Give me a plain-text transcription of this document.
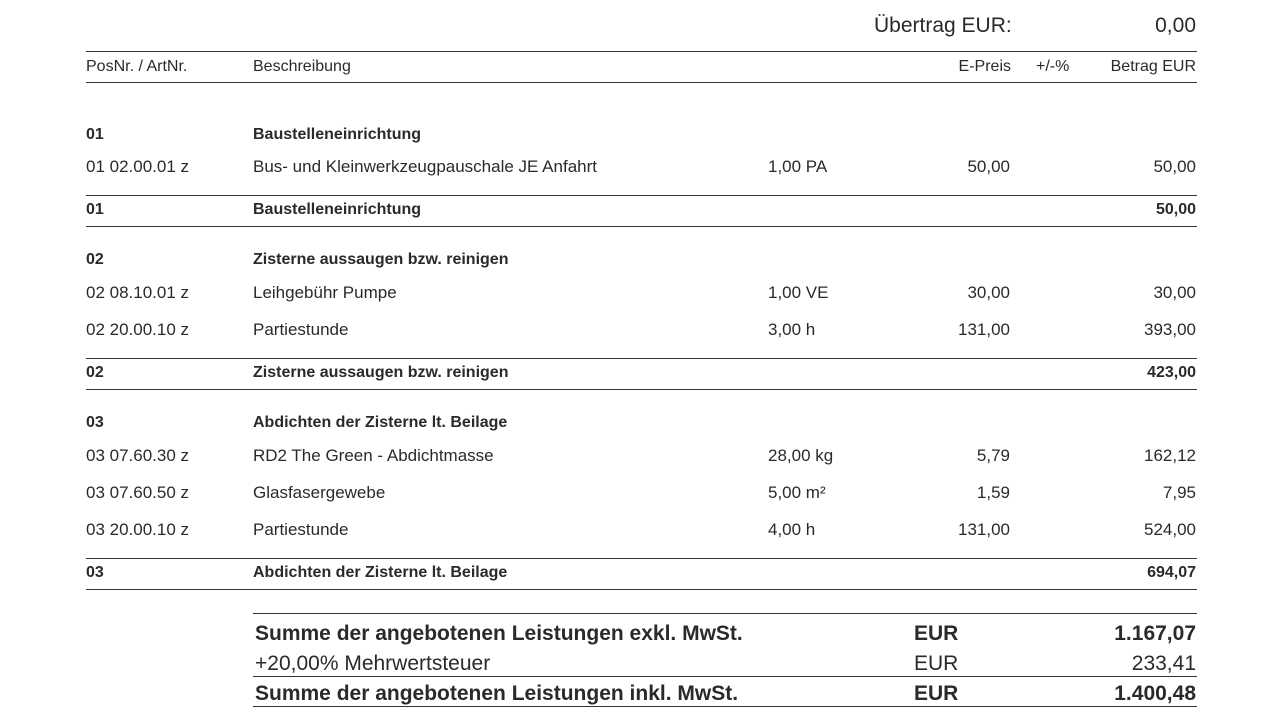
Übertrag EUR:	0,00
PosNr. / ArtNr.	Beschreibung	E-Preis +/-%	Betrag EUR
01	Baustelleneinrichtung
01 02.00.01 z	Bus- und Kleinwerkzeugpauschale JE Anfahrt	1,00 PA	50,00	50,00
01	Baustelleneinrichtung	50,00
02	Zisterne aussaugen bzw. reinigen
02 08.10.01 z	Leihgebühr Pumpe	1,00 VE	30,00	30,00
02 20.00.10 z	Partiestunde	3,00 h	131,00	393,00
02	Zisterne aussaugen bzw. reinigen	423,00
03	Abdichten der Zisterne lt. Beilage
03 07.60.30 z	RD2 The Green - Abdichtmasse	28,00 kg	5,79	162,12
03 07.60.50 z	Glasfasergewebe	5,00 m²	1,59	7,95
03 20.00.10 z	Partiestunde	4,00 h	131,00	524,00
03	Abdichten der Zisterne lt. Beilage	694,07
Summe der angebotenen Leistungen exkl. MwSt.	EUR	1.167,07
+20,00% Mehrwertsteuer	EUR	233,41
Summe der angebotenen Leistungen inkl. MwSt.	EUR	1.400,48
